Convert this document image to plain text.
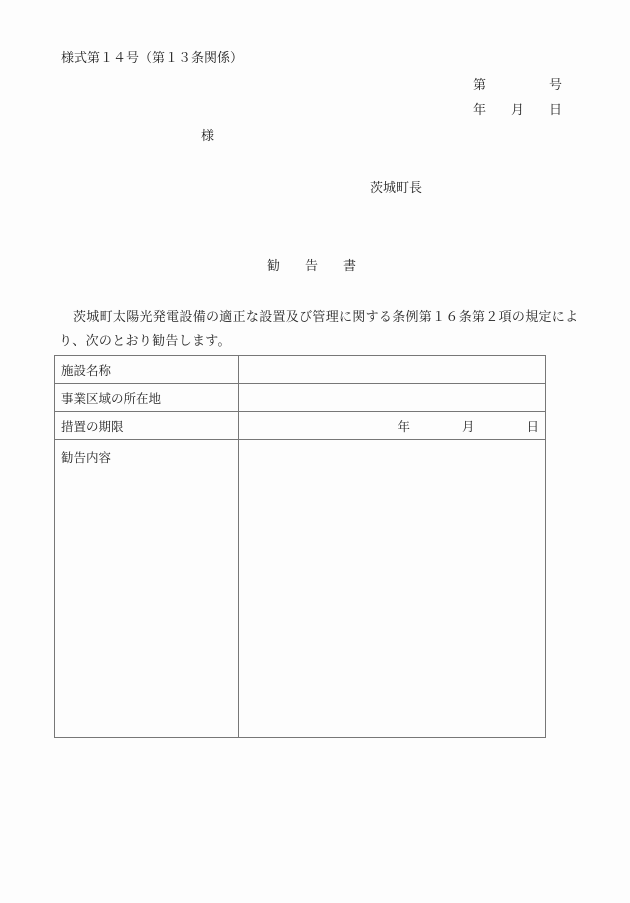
様式第１４号（第１３条関係）
第	号
年 月 日
様
茨城町長
勧 告 書
茨城町太陽光発電設備の適正な設置及び管理に関する条例第１６条第２項の規定によ
り、次のとおり勧告します。
施設名称	
事業区域の所在地	
措置の期限	年 月 日

勧告内容	
